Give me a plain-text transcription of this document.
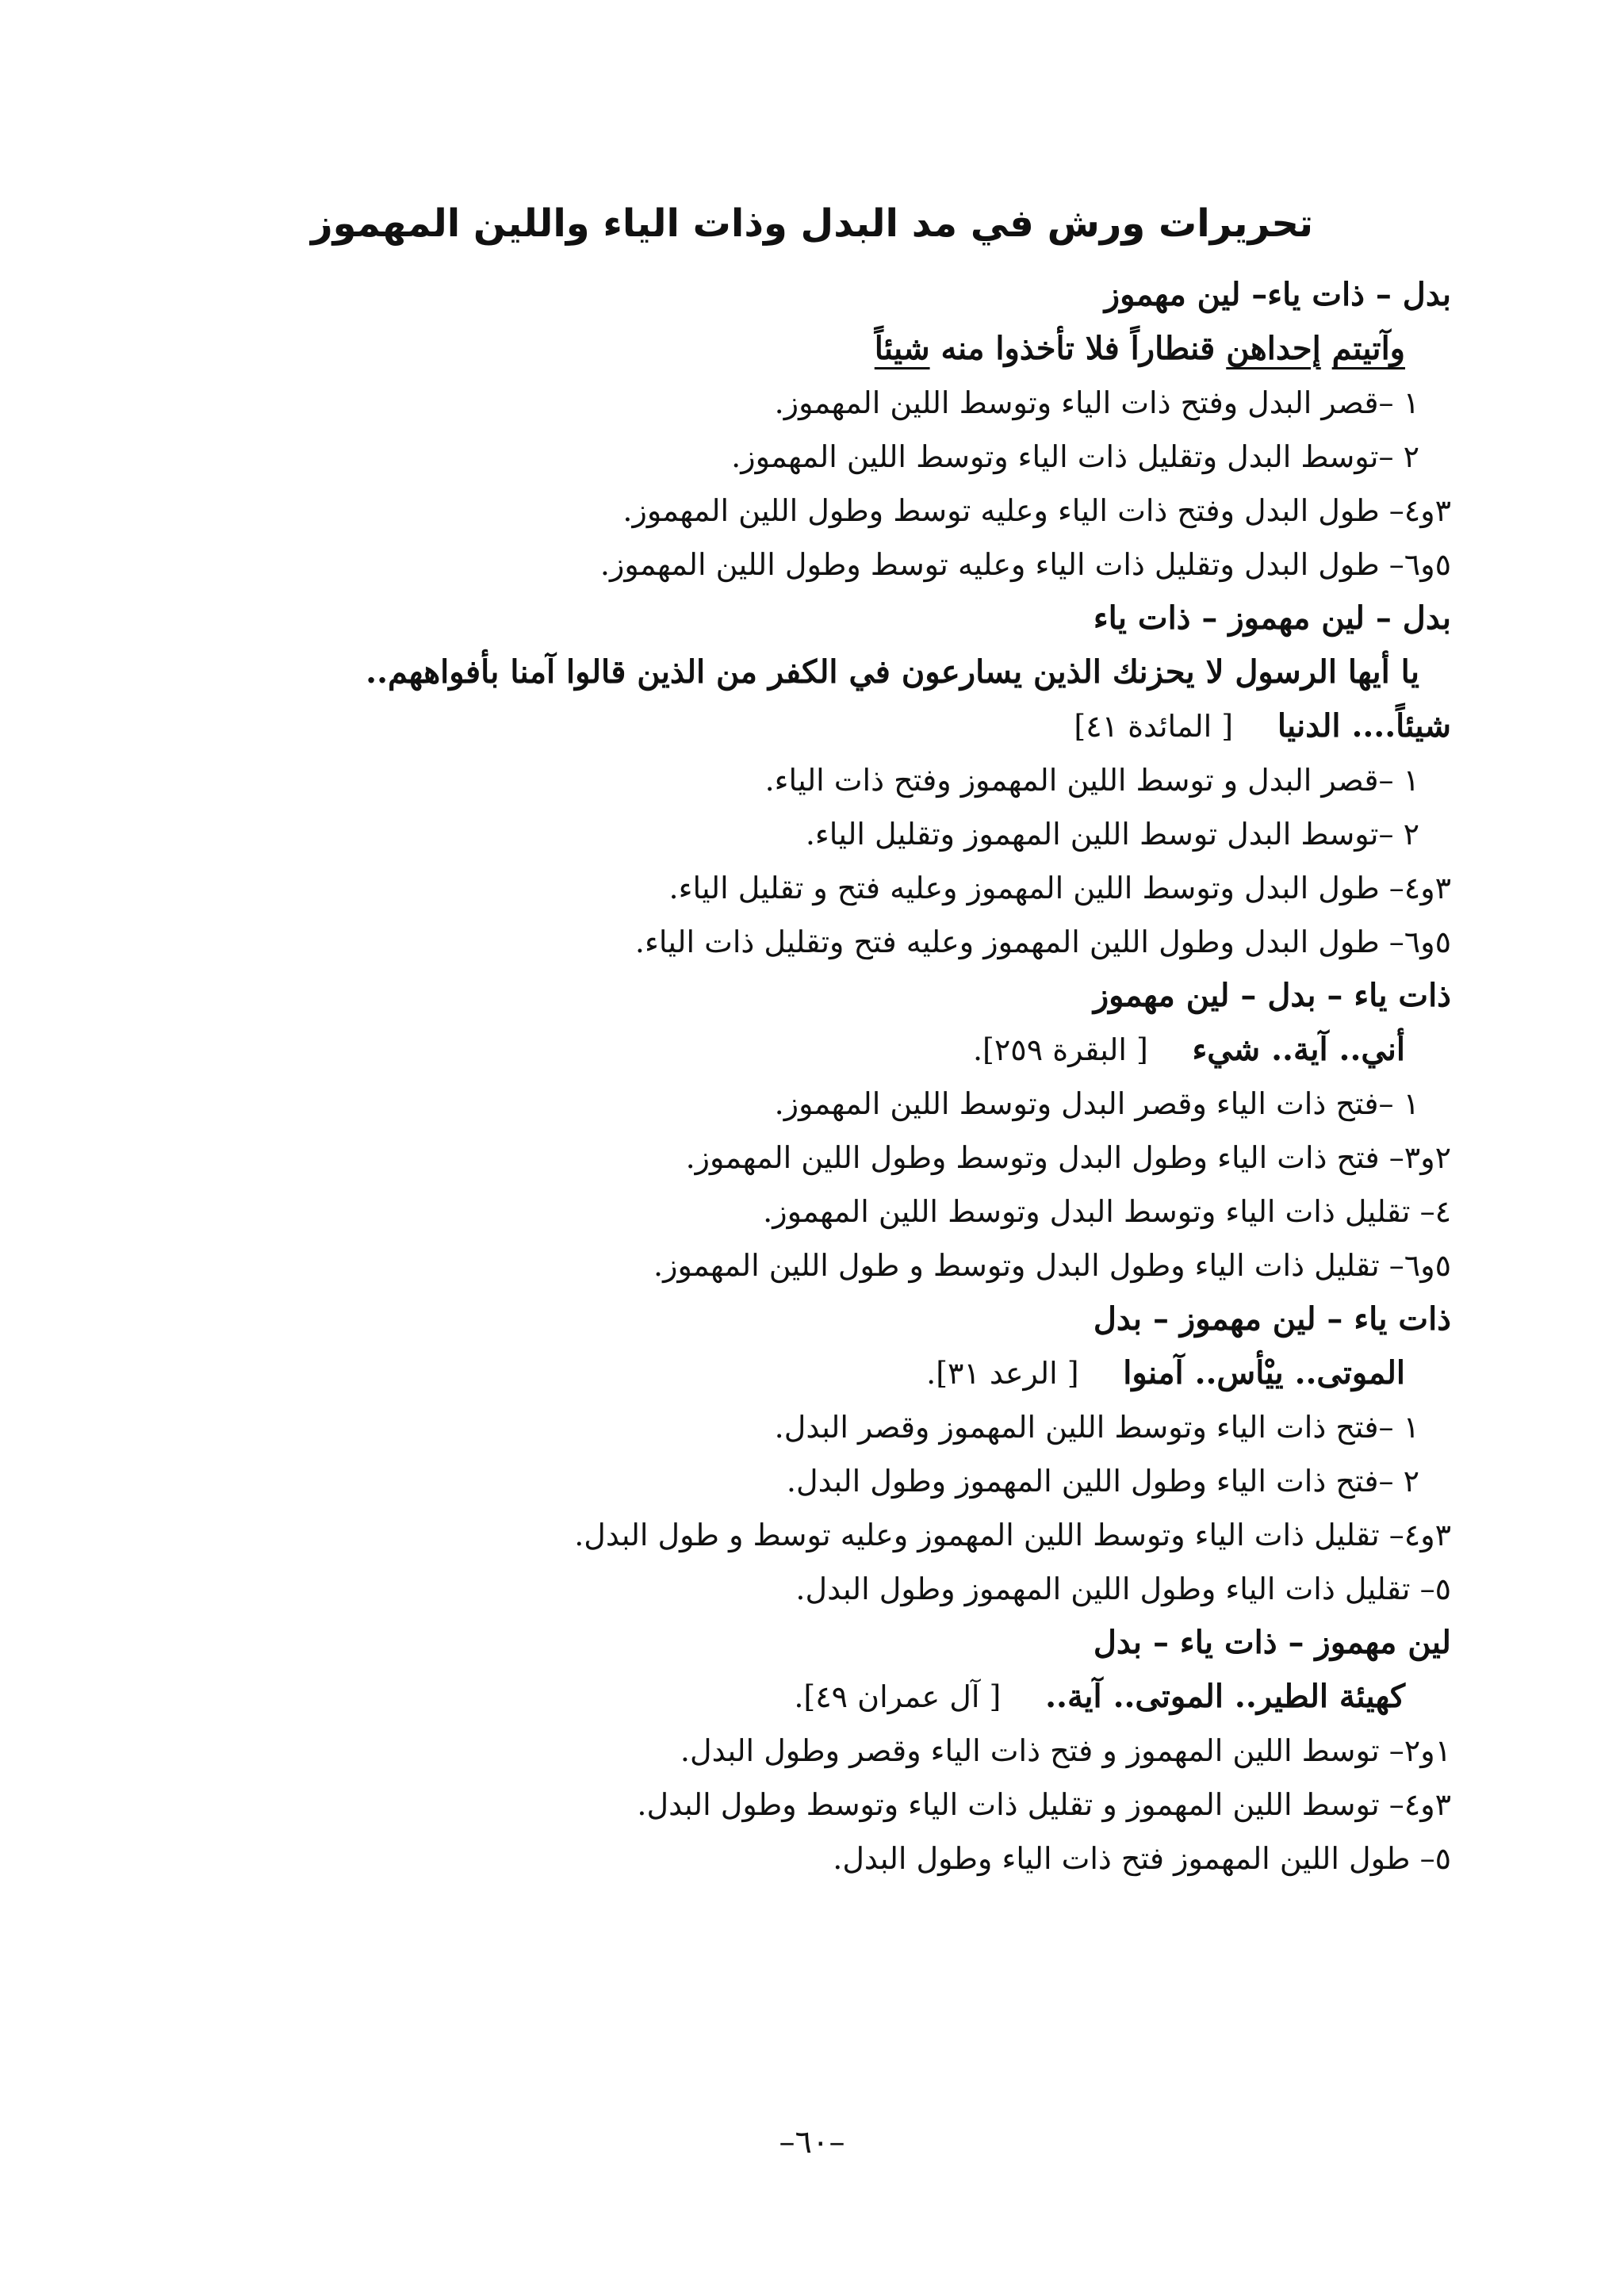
تحريرات ورش في مد البدل وذات الياء واللين المهموز
بدل – ذات ياء– لين مهموز
وآتيتم إحداهن قنطاراً فلا تأخذوا منه شيئاً
١ –قصر البدل وفتح ذات الياء وتوسط اللين المهموز.
٢ –توسط البدل وتقليل ذات الياء وتوسط اللين المهموز.
٣و٤– طول البدل وفتح ذات الياء وعليه توسط وطول اللين المهموز.
٥و٦– طول البدل وتقليل ذات الياء وعليه توسط وطول اللين المهموز.
بدل – لين مهموز – ذات ياء
يا أيها الرسول لا يحزنك الذين يسارعون في الكفر من الذين قالوا آمنا بأفواههم..
شيئاً.... الدنيا    [ المائدة ٤١]
١ –قصر البدل و توسط اللين المهموز وفتح ذات الياء.
٢ –توسط البدل توسط اللين المهموز وتقليل الياء.
٣و٤– طول البدل وتوسط اللين المهموز وعليه فتح و تقليل الياء.
٥و٦– طول البدل وطول اللين المهموز وعليه فتح وتقليل ذات الياء.
ذات ياء – بدل – لين مهموز
أني.. آية.. شيء    [ البقرة ٢٥٩].
١ –فتح ذات الياء وقصر البدل وتوسط اللين المهموز.
٢و٣– فتح ذات الياء وطول البدل وتوسط وطول اللين المهموز.
٤– تقليل ذات الياء وتوسط البدل وتوسط اللين المهموز.
٥و٦– تقليل ذات الياء وطول البدل وتوسط و طول اللين المهموز.
ذات ياء – لين مهموز – بدل
الموتى.. ييْأس.. آمنوا    [ الرعد ٣١].
١ –فتح ذات الياء وتوسط اللين المهموز وقصر البدل.
٢ –فتح ذات الياء وطول اللين المهموز وطول البدل.
٣و٤– تقليل ذات الياء وتوسط اللين المهموز وعليه توسط و طول البدل.
٥– تقليل ذات الياء وطول اللين المهموز وطول البدل.
لين مهموز – ذات ياء – بدل
كهيئة الطير.. الموتى.. آية..    [ آل عمران ٤٩].
١و٢– توسط اللين المهموز و فتح ذات الياء وقصر وطول البدل.
٣و٤– توسط اللين المهموز و تقليل ذات الياء وتوسط وطول البدل.
٥– طول اللين المهموز فتح ذات الياء وطول البدل.
–٦٠–
